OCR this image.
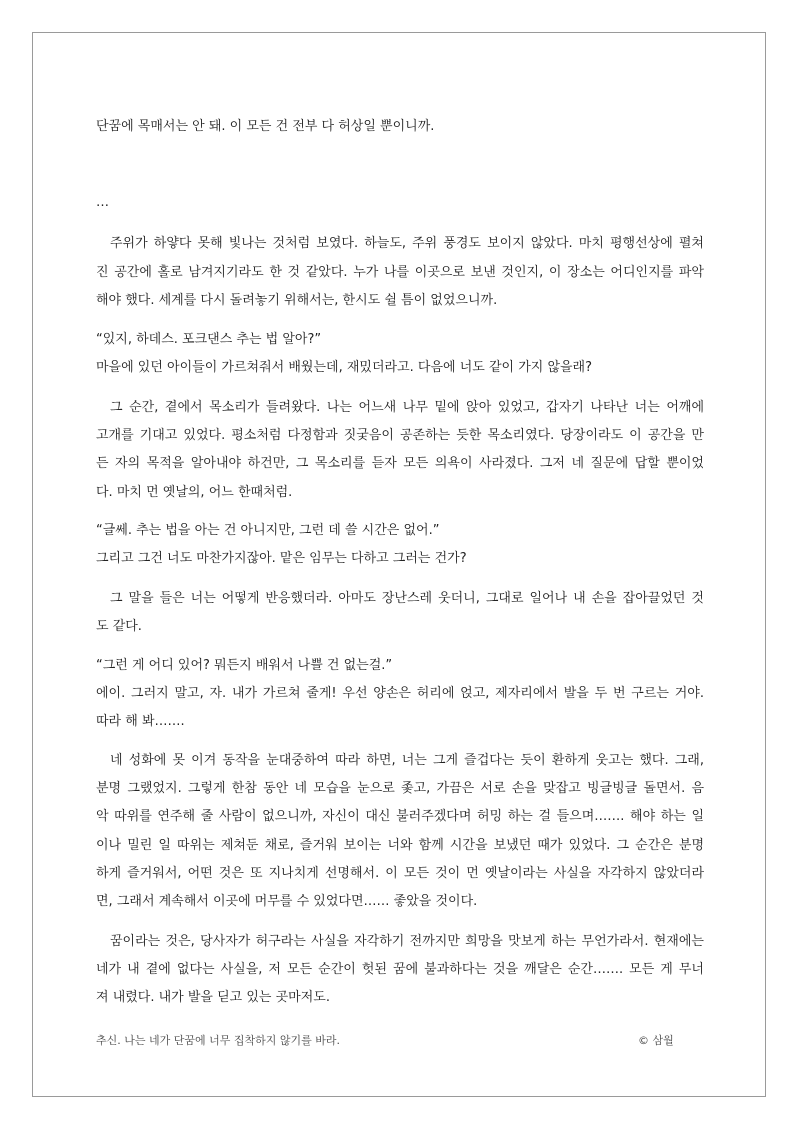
단꿈에 목매서는 안 돼. 이 모든 건 전부 다 허상일 뿐이니까.
…
주위가 하얗다 못해 빛나는 것처럼 보였다. 하늘도, 주위 풍경도 보이지 않았다. 마치 평행선상에 펼쳐
진 공간에 홀로 남겨지기라도 한 것 같았다. 누가 나를 이곳으로 보낸 것인지, 이 장소는 어디인지를 파악
해야 했다. 세계를 다시 돌려놓기 위해서는, 한시도 쉴 틈이 없었으니까.
“있지, 하데스. 포크댄스 추는 법 알아?”
마을에 있던 아이들이 가르쳐줘서 배웠는데, 재밌더라고. 다음에 너도 같이 가지 않을래?
그 순간, 곁에서 목소리가 들려왔다. 나는 어느새 나무 밑에 앉아 있었고, 갑자기 나타난 너는 어깨에
고개를 기대고 있었다. 평소처럼 다정함과 짓궂음이 공존하는 듯한 목소리였다. 당장이라도 이 공간을 만
든 자의 목적을 알아내야 하건만, 그 목소리를 듣자 모든 의욕이 사라졌다. 그저 네 질문에 답할 뿐이었
다. 마치 먼 옛날의, 어느 한때처럼.
“글쎄. 추는 법을 아는 건 아니지만, 그런 데 쓸 시간은 없어.”
그리고 그건 너도 마찬가지잖아. 맡은 임무는 다하고 그러는 건가?
그 말을 들은 너는 어떻게 반응했더라. 아마도 장난스레 웃더니, 그대로 일어나 내 손을 잡아끌었던 것
도 같다.
“그런 게 어디 있어? 뭐든지 배워서 나쁠 건 없는걸.”
에이. 그러지 말고, 자. 내가 가르쳐 줄게! 우선 양손은 허리에 얹고, 제자리에서 발을 두 번 구르는 거야.
따라 해 봐…….
네 성화에 못 이겨 동작을 눈대중하여 따라 하면, 너는 그게 즐겁다는 듯이 환하게 웃고는 했다. 그래,
분명 그랬었지. 그렇게 한참 동안 네 모습을 눈으로 좇고, 가끔은 서로 손을 맞잡고 빙글빙글 돌면서. 음
악 따위를 연주해 줄 사람이 없으니까, 자신이 대신 불러주겠다며 허밍 하는 걸 들으며……. 해야 하는 일
이나 밀린 일 따위는 제쳐둔 채로, 즐거워 보이는 너와 함께 시간을 보냈던 때가 있었다. 그 순간은 분명
하게 즐거워서, 어떤 것은 또 지나치게 선명해서. 이 모든 것이 먼 옛날이라는 사실을 자각하지 않았더라
면, 그래서 계속해서 이곳에 머무를 수 있었다면…… 좋았을 것이다.
꿈이라는 것은, 당사자가 허구라는 사실을 자각하기 전까지만 희망을 맛보게 하는 무언가라서. 현재에는
네가 내 곁에 없다는 사실을, 저 모든 순간이 헛된 꿈에 불과하다는 것을 깨달은 순간……. 모든 게 무너
져 내렸다. 내가 발을 딛고 있는 곳마저도.
추신. 나는 네가 단꿈에 너무 집착하지 않기를 바라.	© 삼월
